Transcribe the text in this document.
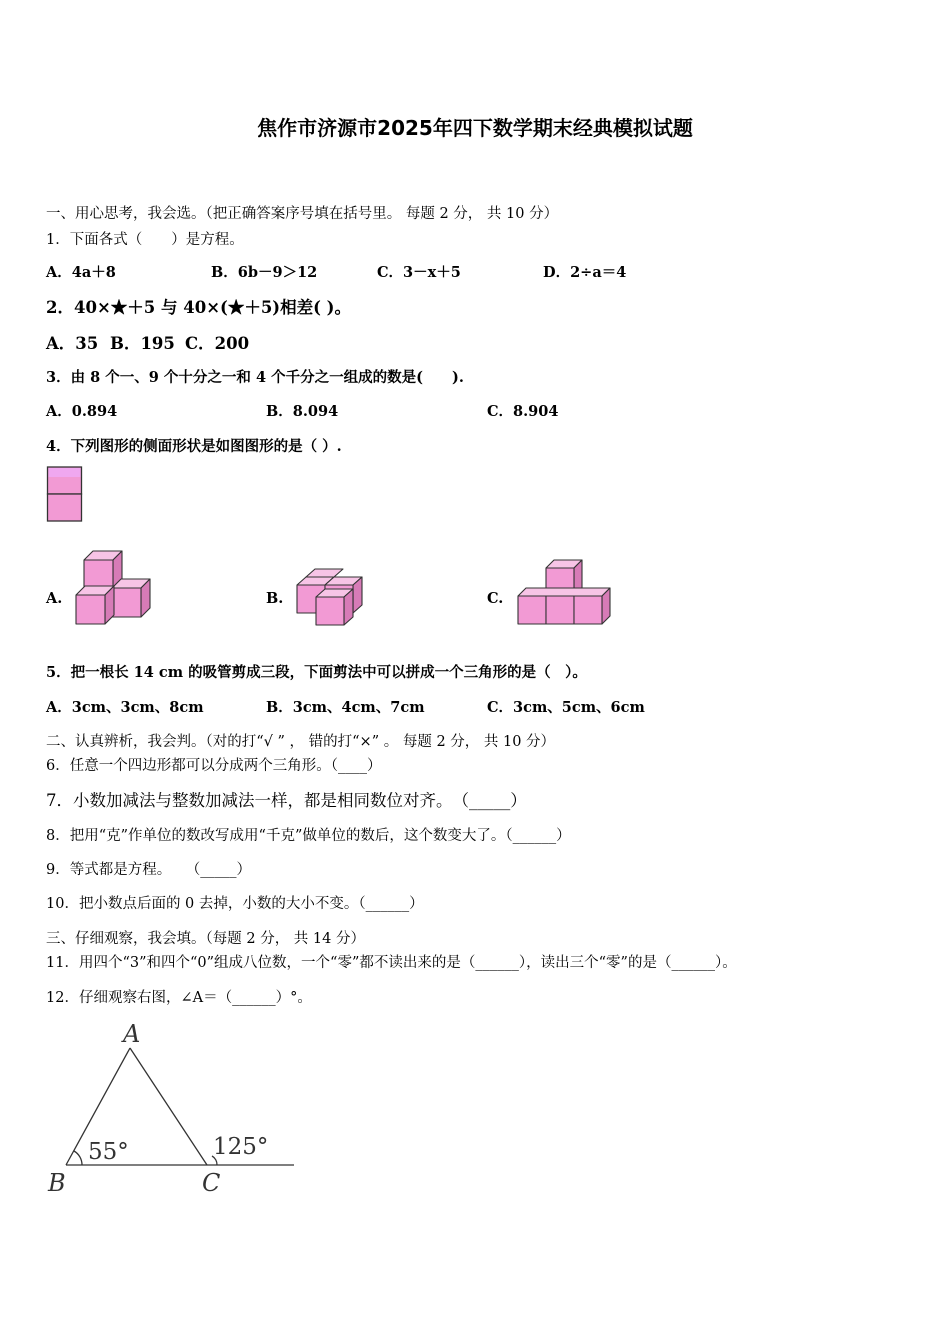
焦作市济源市2025年四下数学期末经典模拟试题
一、用心思考，我会选。（把正确答案序号填在括号里。 每题 2 分， 共 10 分）
1．下面各式（　　）是方程。
A．4a＋8	B．6b－9＞12	C．3－x＋5	D．2÷a＝4
2．40×★＋5 与 40×(★＋5)相差( )。
A．35 B．195 C．200
3．由 8 个一、9 个十分之一和 4 个千分之一组成的数是(　　).
A．0.894	B．8.094	C．8.904
4．下列图形的侧面形状是如图图形的是（ ）.
A.	B.	C.
5．把一根长 14 cm 的吸管剪成三段，下面剪法中可以拼成一个三角形的是（　）。
A．3cm、3cm、8cm	B．3cm、4cm、7cm	C．3cm、5cm、6cm
二、认真辨析，我会判。（对的打“√ ” ， 错的打“×” 。 每题 2 分， 共 10 分）
6．任意一个四边形都可以分成两个三角形。（____）
7．小数加减法与整数加减法一样，都是相同数位对齐。　（_____）
8．把用“克”作单位的数改写成用“千克”做单位的数后，这个数变大了。（______）
9．等式都是方程。　　（_____）
10．把小数点后面的 0 去掉，小数的大小不变。（______）
三、仔细观察，我会填。（每题 2 分， 共 14 分）
11．用四个“3”和四个“0”组成八位数，一个“零”都不读出来的是（______），读出三个“零”的是（______）。
12．仔细观察右图，∠A＝（______）°。
A
B	C
55°	125°
